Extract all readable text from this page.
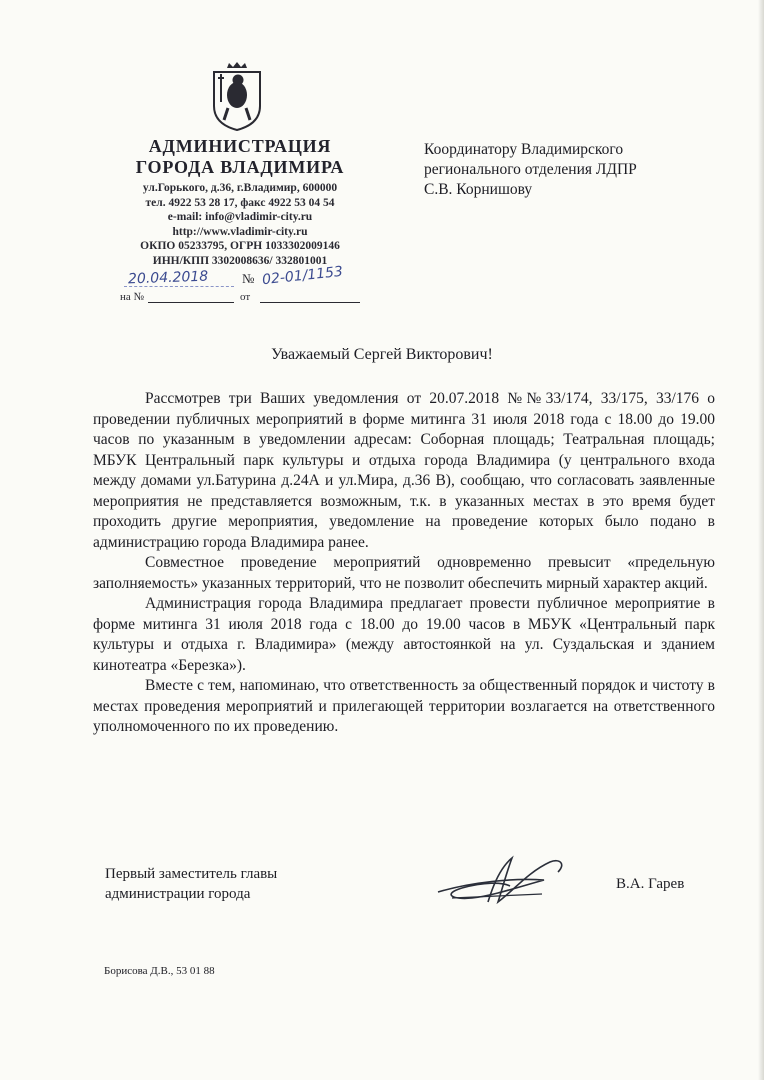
АДМИНИСТРАЦИЯ
ГОРОДА ВЛАДИМИРА
ул.Горького, д.36, г.Владимир, 600000
тел. 4922 53 28 17, факс 4922 53 04 54
e-mail: info@vladimir-city.ru
http://www.vladimir-city.ru
ОКПО 05233795, ОГРН 1033302009146
ИНН/КПП 3302008636/ 332801001
20.04.2018	№ 02-01/1153
на №	от
Координатору Владимирского
регионального отделения ЛДПР
С.В. Корнишову
Уважаемый Сергей Викторович!

Рассмотрев три Ваших уведомления от 20.07.2018 №№33/174, 33/175, 33/176 о проведении публичных мероприятий в форме митинга 31 июля 2018 года с 18.00 до 19.00 часов по указанным в уведомлении адресам: Соборная площадь; Театральная площадь; МБУК Центральный парк культуры и отдыха города Владимира (у центрального входа между домами ул.Батурина д.24А и ул.Мира, д.36 В), сообщаю, что согласовать заявленные мероприятия не представляется возможным, т.к. в указанных местах в это время будет проходить другие мероприятия, уведомление на проведение которых было подано в администрацию города Владимира ранее.

Совместное проведение мероприятий одновременно превысит «предельную заполняемость» указанных территорий, что не позволит обеспечить мирный характер акций.

Администрация города Владимира предлагает провести публичное мероприятие в форме митинга 31 июля 2018 года с 18.00 до 19.00 часов в МБУК «Центральный парк культуры и отдыха г. Владимира» (между автостоянкой на ул. Суздальская и зданием кинотеатра «Березка»).

Вместе с тем, напоминаю, что ответственность за общественный порядок и чистоту в местах проведения мероприятий и прилегающей территории возлагается на ответственного уполномоченного по их проведению.

Первый заместитель главы
администрации города
В.А. Гарев
Борисова Д.В., 53 01 88
